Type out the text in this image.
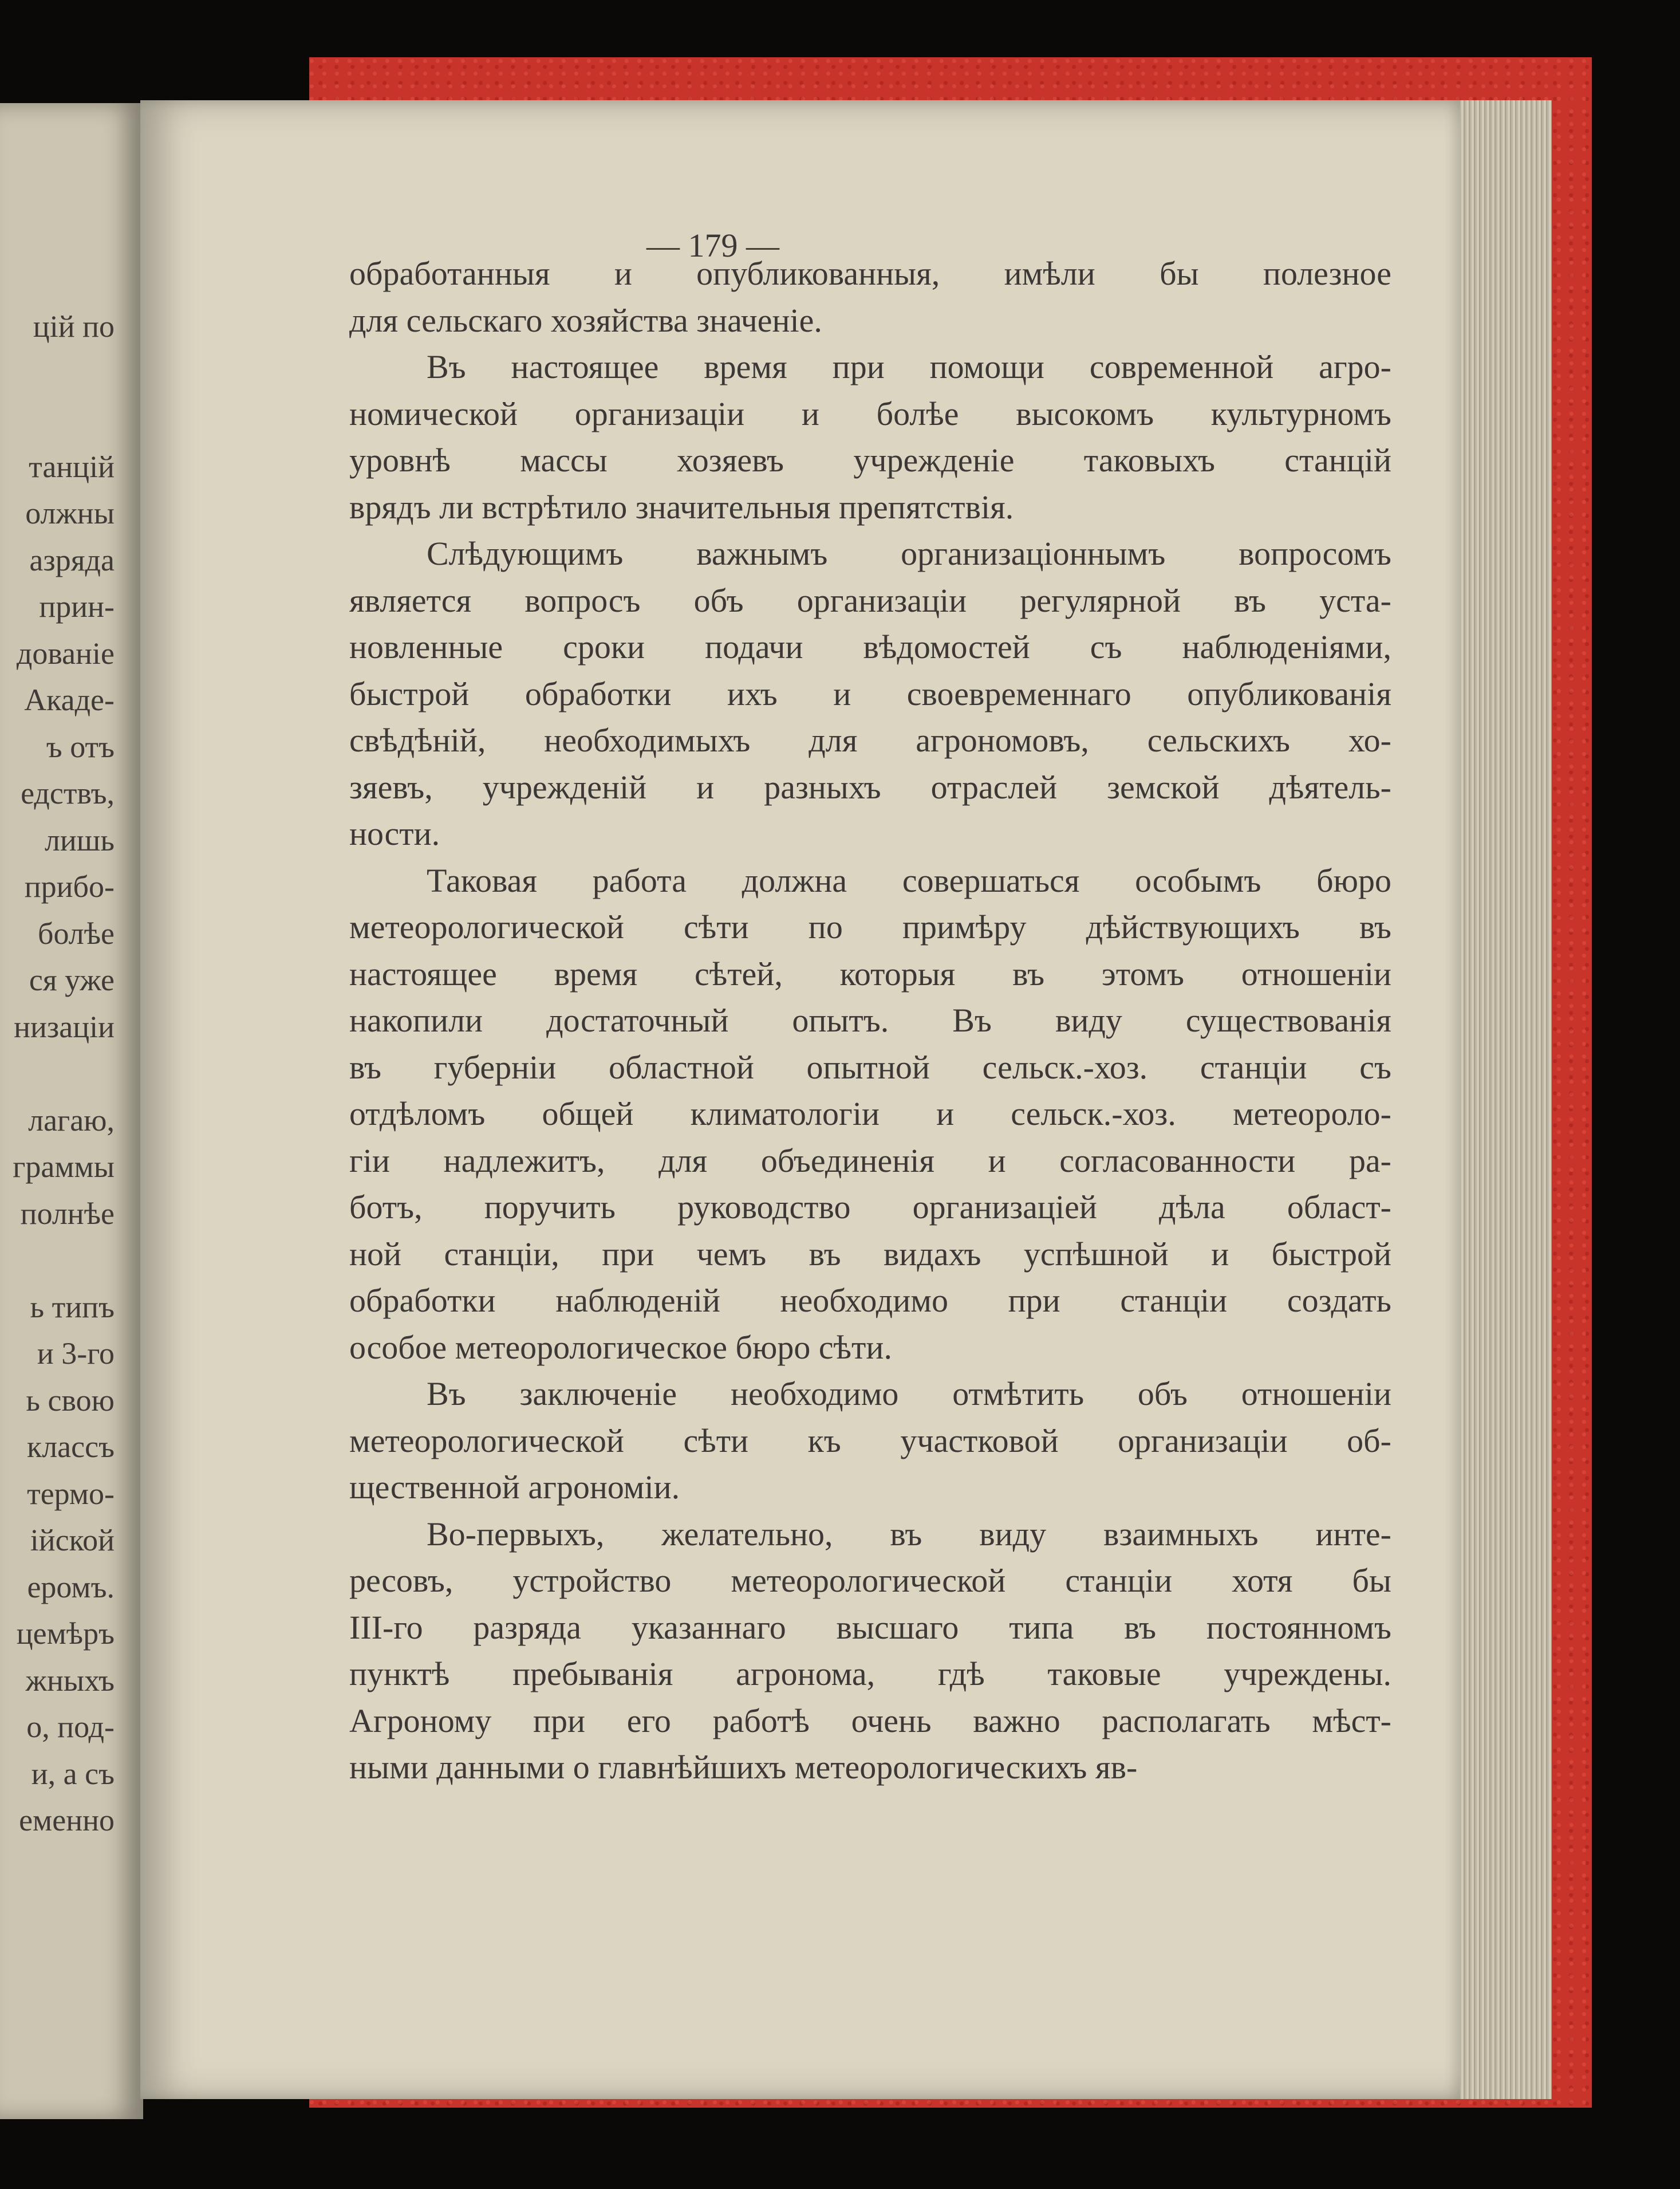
цій по

танцій
олжны
азряда
прин-
дованіе
Акаде-
ъ отъ
едствъ,
лишь
прибо-
болѣе
ся уже
низаціи

лагаю,
граммы
полнѣе

ь типъ
и 3-го
ь свою
классъ
термо-
ійской
еромъ.
цемѣръ
жныхъ
о, под-
и, а съ
еменно
— 179 —
обработанныя и опубликованныя, имѣли бы полезное
для сельскаго хозяйства значеніе.
Въ настоящее время при помощи современной агро-
номической организаціи и болѣе высокомъ культурномъ
уровнѣ массы хозяевъ учрежденіе таковыхъ станцій
врядъ ли встрѣтило значительныя препятствія.
Слѣдующимъ важнымъ организаціоннымъ вопросомъ
является вопросъ объ организаціи регулярной въ уста-
новленные сроки подачи вѣдомостей съ наблюденіями,
быстрой обработки ихъ и своевременнаго опубликованія
свѣдѣній, необходимыхъ для агрономовъ, сельскихъ хо-
зяевъ, учрежденій и разныхъ отраслей земской дѣятель-
ности.
Таковая работа должна совершаться особымъ бюро
метеорологической сѣти по примѣру дѣйствующихъ въ
настоящее время сѣтей, которыя въ этомъ отношеніи
накопили достаточный опытъ. Въ виду существованія
въ губерніи областной опытной сельск.-хоз. станціи съ
отдѣломъ общей климатологіи и сельск.-хоз. метеороло-
гіи надлежитъ, для объединенія и согласованности ра-
ботъ, поручить руководство организаціей дѣла област-
ной станціи, при чемъ въ видахъ успѣшной и быстрой
обработки наблюденій необходимо при станціи создать
особое метеорологическое бюро сѣти.
Въ заключеніе необходимо отмѣтить объ отношеніи
метеорологической сѣти къ участковой организаціи об-
щественной агрономіи.
Во-первыхъ, желательно, въ виду взаимныхъ инте-
ресовъ, устройство метеорологической станціи хотя бы
III-го разряда указаннаго высшаго типа въ постоянномъ
пунктѣ пребыванія агронома, гдѣ таковые учреждены.
Агроному при его работѣ очень важно располагать мѣст-
ными данными о главнѣйшихъ метеорологическихъ яв-
